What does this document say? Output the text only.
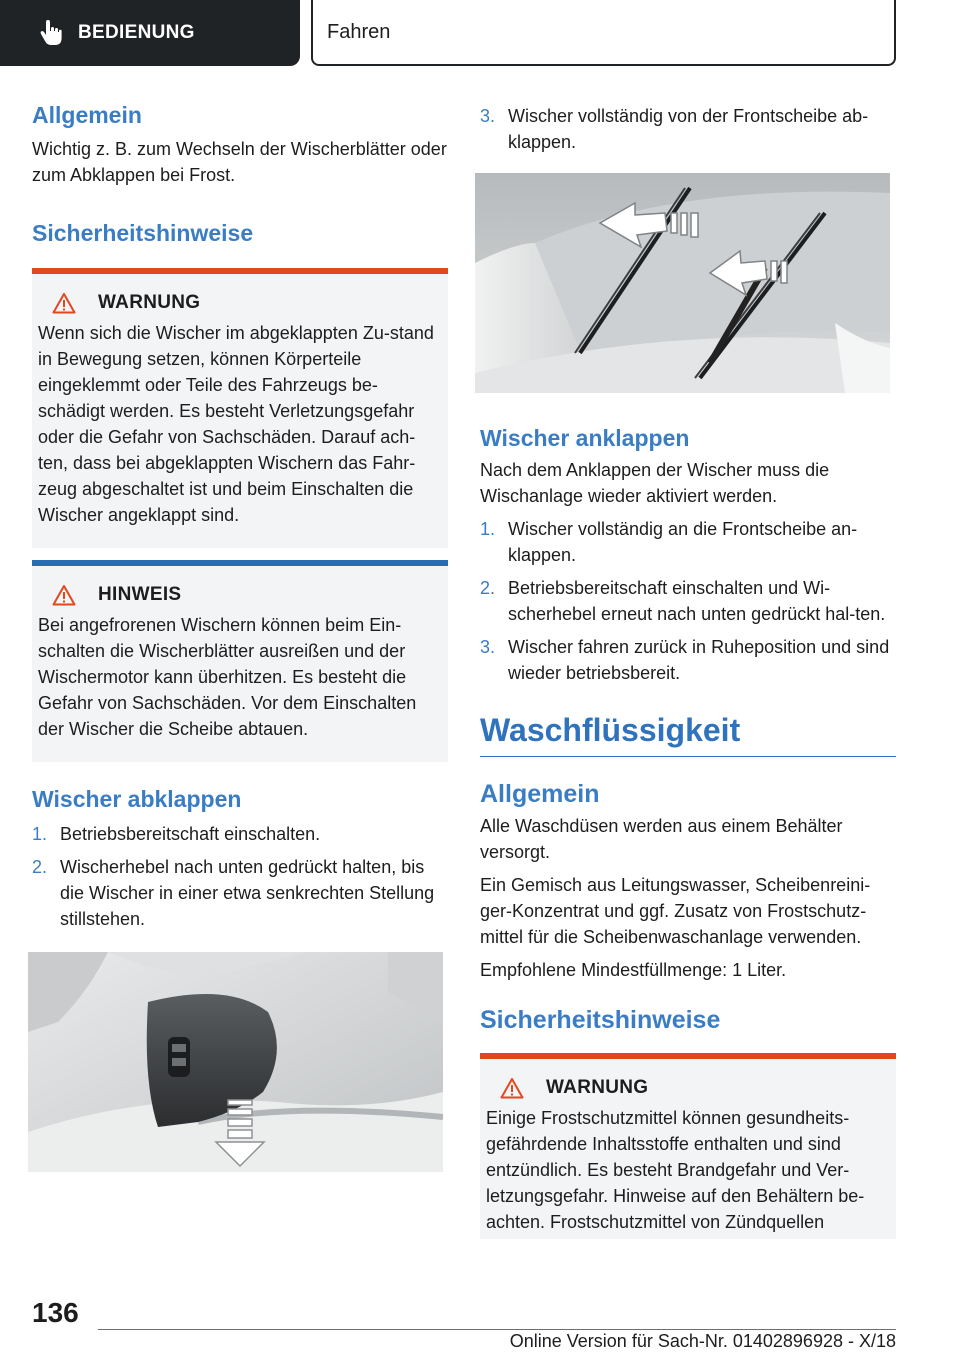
BEDIENUNG	Fahren
Allgemein
Wichtig z. B. zum Wechseln der Wischerblätter oder zum Abklappen bei Frost.
Sicherheitshinweise
WARNUNG
Wenn sich die Wischer im abgeklappten Zu-stand in Bewegung setzen, können Körperteile eingeklemmt oder Teile des Fahrzeugs be-schädigt werden. Es besteht Verletzungsgefahr oder die Gefahr von Sachschäden. Darauf ach-ten, dass bei abgeklappten Wischern das Fahr-zeug abgeschaltet ist und beim Einschalten die Wischer angeklappt sind.
HINWEIS
Bei angefrorenen Wischern können beim Ein-schalten die Wischerblätter ausreißen und der Wischermotor kann überhitzen. Es besteht die Gefahr von Sachschäden. Vor dem Einschalten der Wischer die Scheibe abtauen.
Wischer abklappen
1. Betriebsbereitschaft einschalten.
2. Wischerhebel nach unten gedrückt halten, bis die Wischer in einer etwa senkrechten Stellung stillstehen.
3. Wischer vollständig von der Frontscheibe ab-klappen.
Wischer anklappen
Nach dem Anklappen der Wischer muss die Wischanlage wieder aktiviert werden.
1. Wischer vollständig an die Frontscheibe an-klappen.
2. Betriebsbereitschaft einschalten und Wi-scherhebel erneut nach unten gedrückt hal-ten.
3. Wischer fahren zurück in Ruheposition und sind wieder betriebsbereit.
Waschflüssigkeit
Allgemein
Alle Waschdüsen werden aus einem Behälter versorgt.
Ein Gemisch aus Leitungswasser, Scheibenreini-ger-Konzentrat und ggf. Zusatz von Frostschutz-mittel für die Scheibenwaschanlage verwenden.
Empfohlene Mindestfüllmenge: 1 Liter.
Sicherheitshinweise
WARNUNG
Einige Frostschutzmittel können gesundheits-gefährdende Inhaltsstoffe enthalten und sind entzündlich. Es besteht Brandgefahr und Ver-letzungsgefahr. Hinweise auf den Behältern be-achten. Frostschutzmittel von Zündquellen
136
Online Version für Sach-Nr. 01402896928 - X/18
